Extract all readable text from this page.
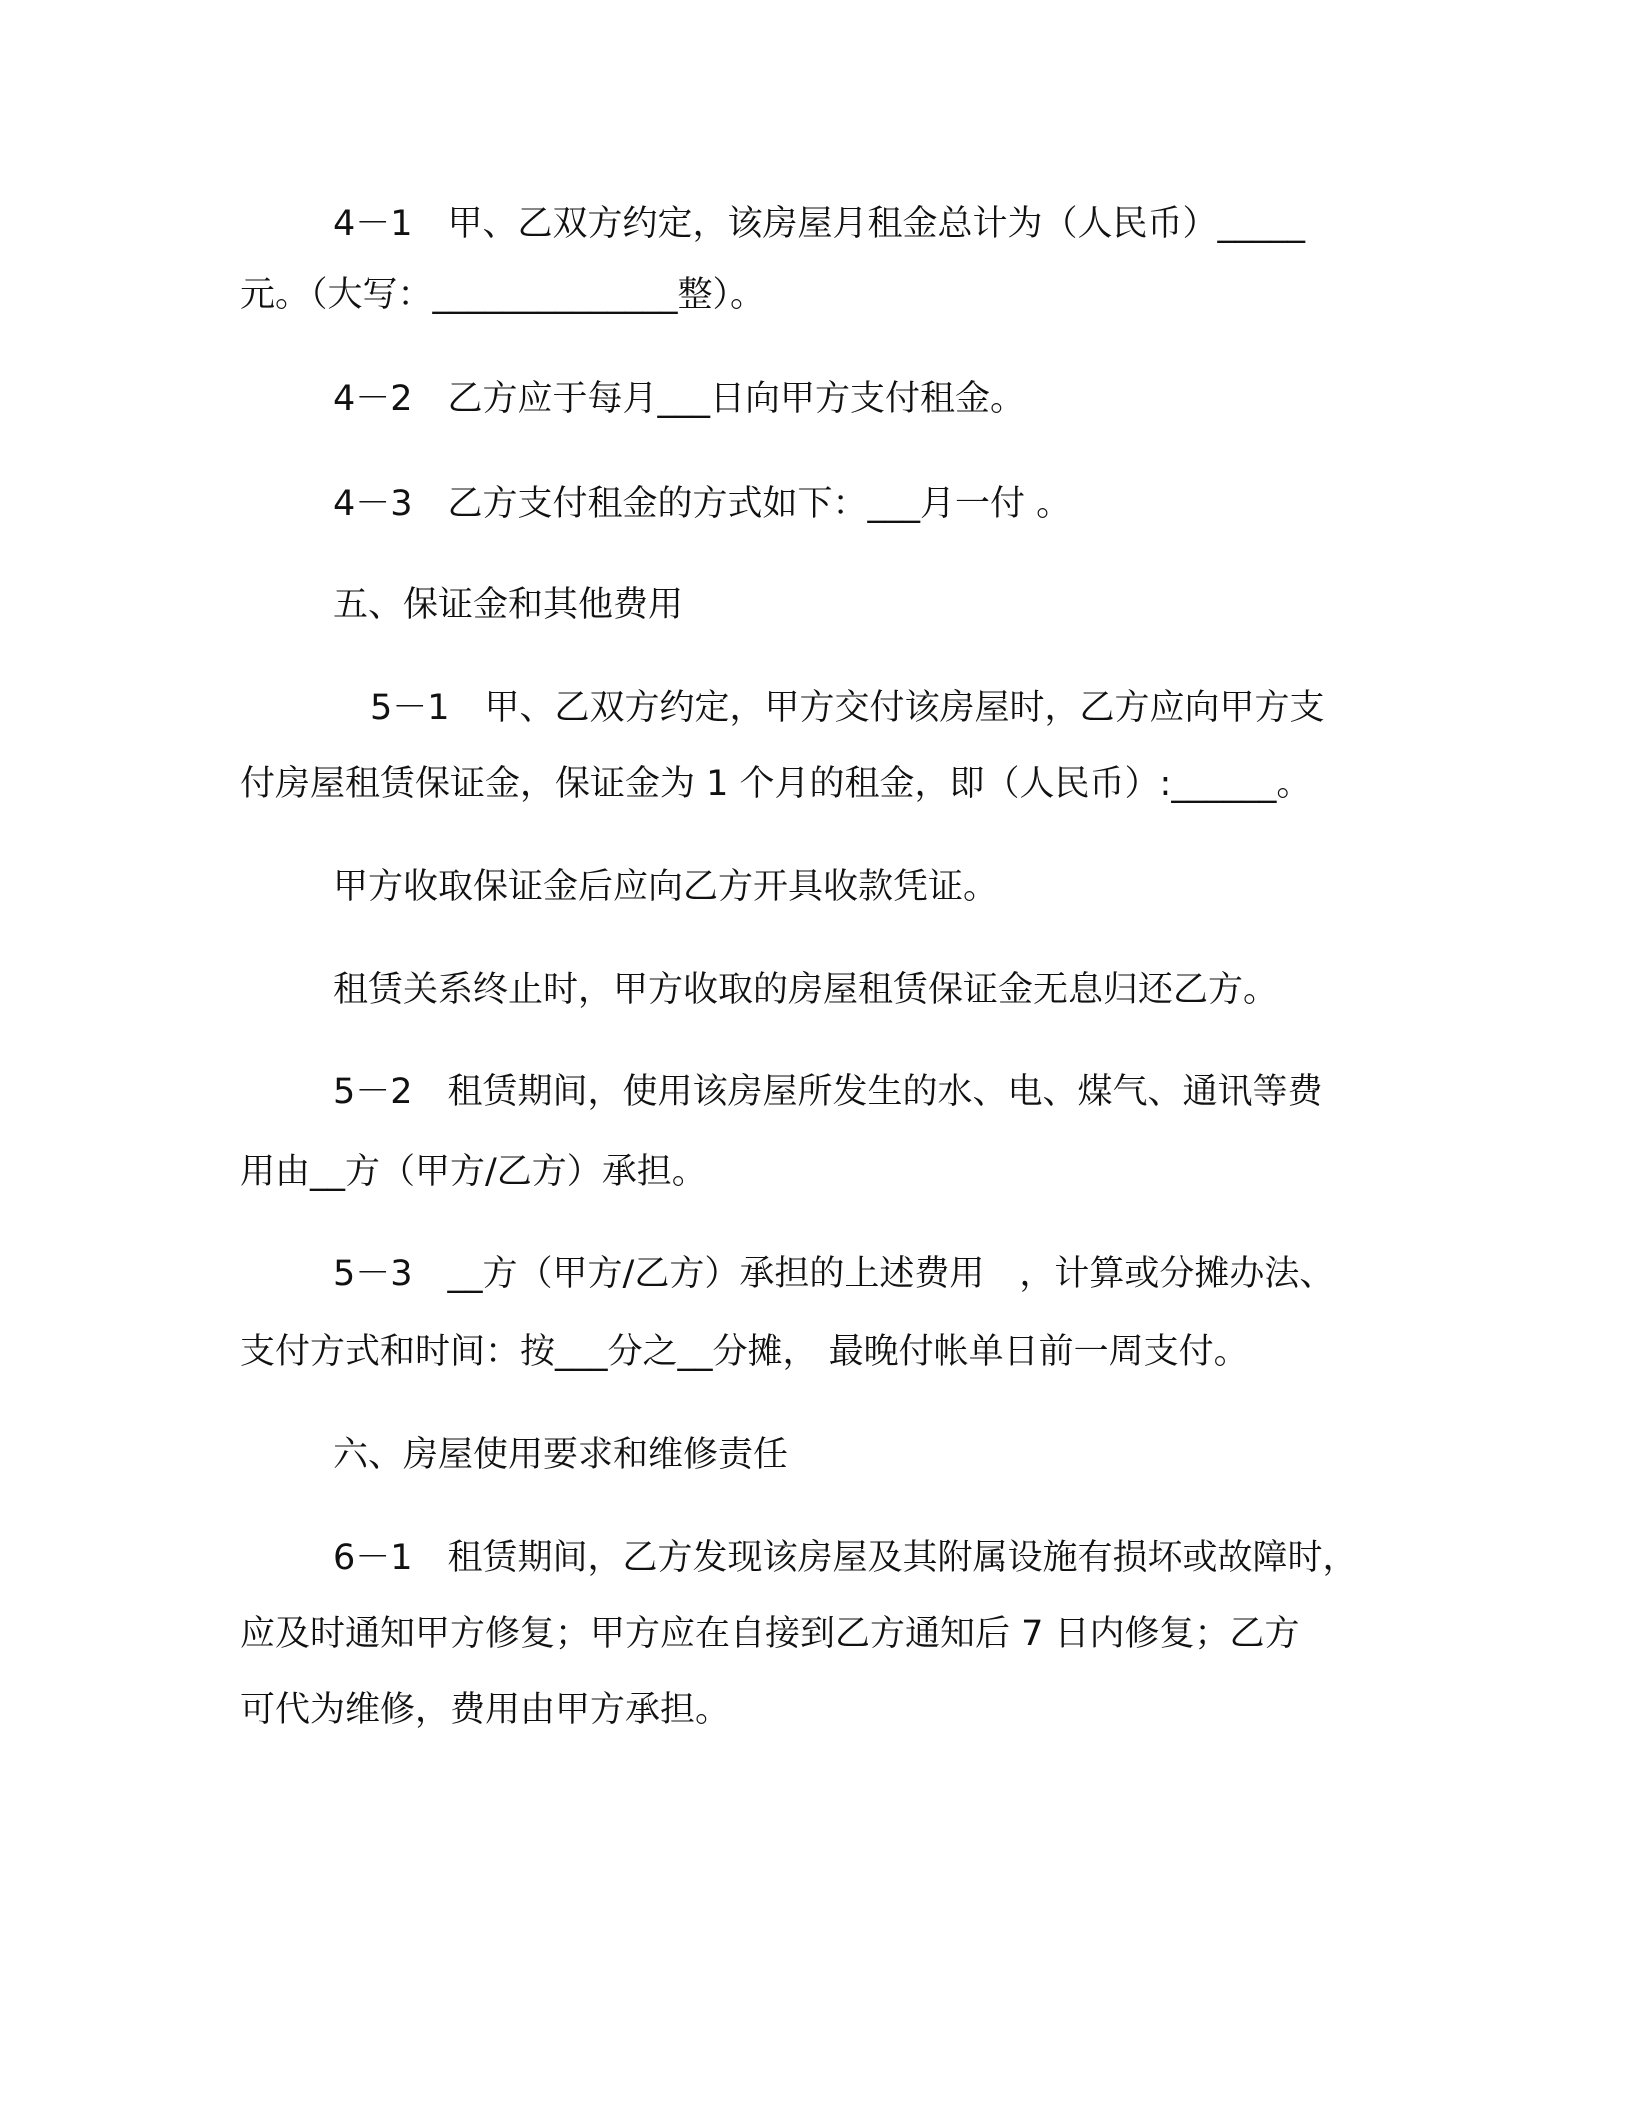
4－1　甲、乙双方约定，该房屋月租金总计为（人民币）_____

元。（大写：______________整）。

4－2　乙方应于每月___日向甲方支付租金。

4－3　乙方支付租金的方式如下：___月一付 。

五、保证金和其他费用

5－1　甲、乙双方约定，甲方交付该房屋时，乙方应向甲方支

付房屋租赁保证金，保证金为 1 个月的租金，即（人民币）:______。

甲方收取保证金后应向乙方开具收款凭证。

租赁关系终止时，甲方收取的房屋租赁保证金无息归还乙方。

5－2　租赁期间，使用该房屋所发生的水、电、煤气、通讯等费

用由__方（甲方/乙方）承担。

5－3　__方（甲方/乙方）承担的上述费用　，计算或分摊办法、

支付方式和时间：按___分之__分摊， 最晚付帐单日前一周支付。

六、房屋使用要求和维修责任

6－1　租赁期间，乙方发现该房屋及其附属设施有损坏或故障时，

应及时通知甲方修复；甲方应在自接到乙方通知后 7 日内修复；乙方

可代为维修，费用由甲方承担。
